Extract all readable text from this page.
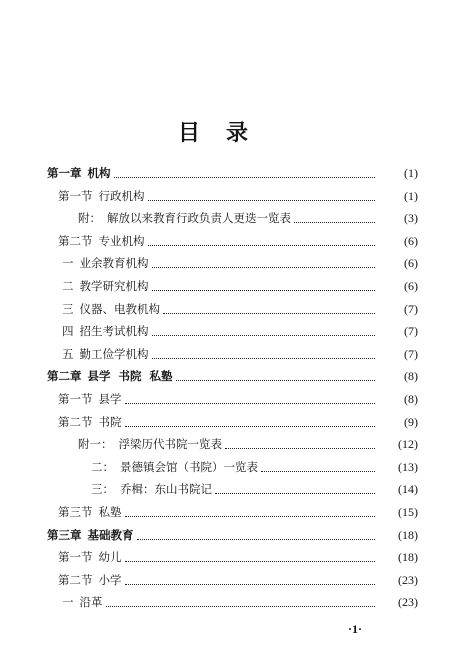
目 录
第一章 机构	(1)
第一节 行政机构	(1)
附： 解放以来教育行政负责人更迭一览表	(3)
第二节 专业机构	(6)
一 业余教育机构	(6)
二 教学研究机构	(6)
三 仪器、电教机构	(7)
四 招生考试机构	(7)
五 勤工俭学机构	(7)
第二章 县学  书院  私塾	(8)
第一节 县学	(8)
第二节 书院	(9)
附一： 浮梁历代书院一览表	(12)
二： 景德镇会馆（书院）一览表	(13)
三： 乔楫：东山书院记	(14)
第三节 私塾	(15)
第三章 基础教育	(18)
第一节 幼儿	(18)
第二节 小学	(23)
一 沿革	(23)
·1·
